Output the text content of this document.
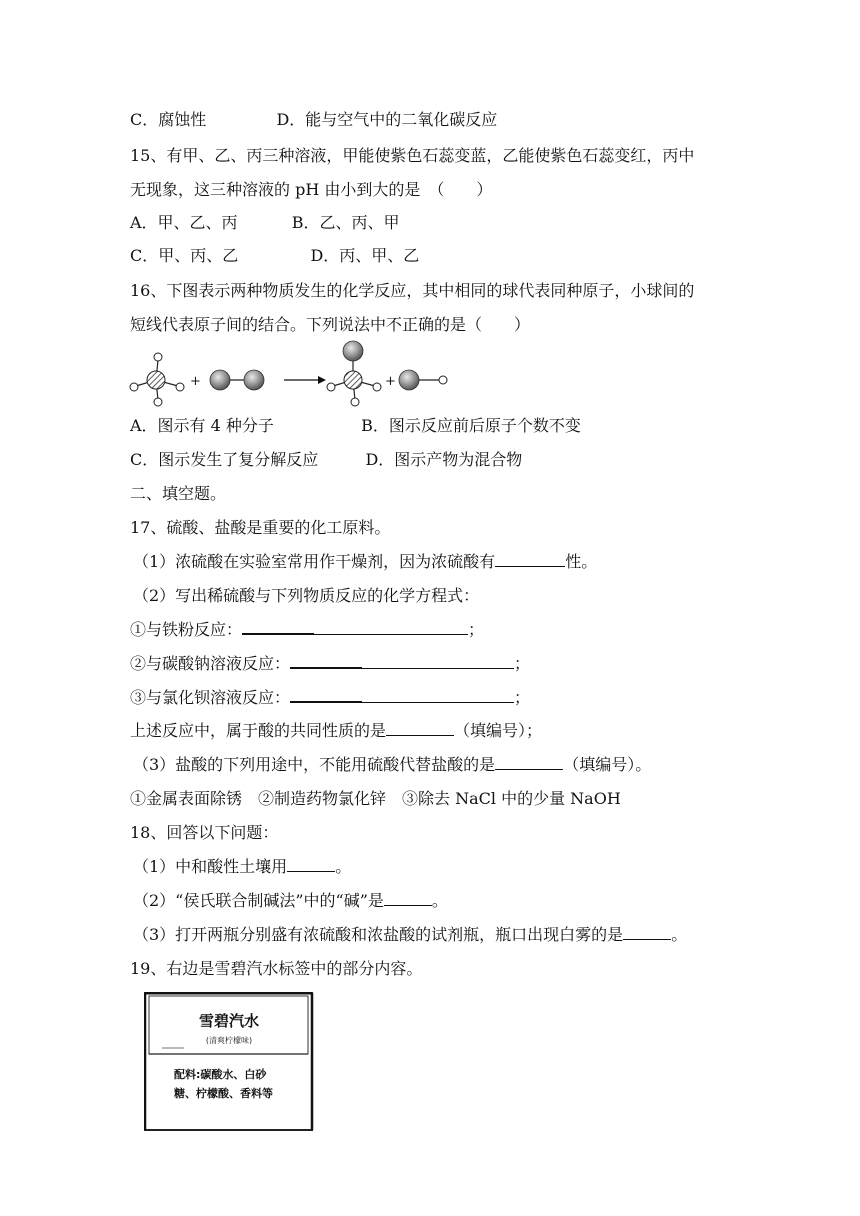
C．腐蚀性	D．能与空气中的二氧化碳反应
15、有甲、乙、丙三种溶液，甲能使紫色石蕊变蓝，乙能使紫色石蕊变红，丙中
无现象，这三种溶液的 pH 由小到大的是　（　　）
A．甲、乙、丙	B．乙、丙、甲
C．甲、丙、乙	D．丙、甲、乙
16、下图表示两种物质发生的化学反应，其中相同的球代表同种原子，小球间的
短线代表原子间的结合。下列说法中不正确的是（　　）
+	+
A．图示有 4 种分子	B．图示反应前后原子个数不变
C．图示发生了复分解反应	D．图示产物为混合物
二、填空题。
17、硫酸、盐酸是重要的化工原料。
（1）浓硫酸在实验室常用作干燥剂，因为浓硫酸有	性。
（2）写出稀硫酸与下列物质反应的化学方程式：
①与铁粉反应：	；
②与碳酸钠溶液反应：	；
③与氯化钡溶液反应：	；
上述反应中，属于酸的共同性质的是	（填编号）；
（3）盐酸的下列用途中，不能用硫酸代替盐酸的是	（填编号）。
①金属表面除锈　②制造药物氯化锌　③除去 NaCl 中的少量 NaOH
18、回答以下问题：
（1）中和酸性土壤用	。
（2）“侯氏联合制碱法”中的“碱”是	。
（3）打开两瓶分别盛有浓硫酸和浓盐酸的试剂瓶，瓶口出现白雾的是	。
19、右边是雪碧汽水标签中的部分内容。
雪碧汽水
(清爽柠檬味)
配料:碳酸水、白砂
糖、柠檬酸、香料等
